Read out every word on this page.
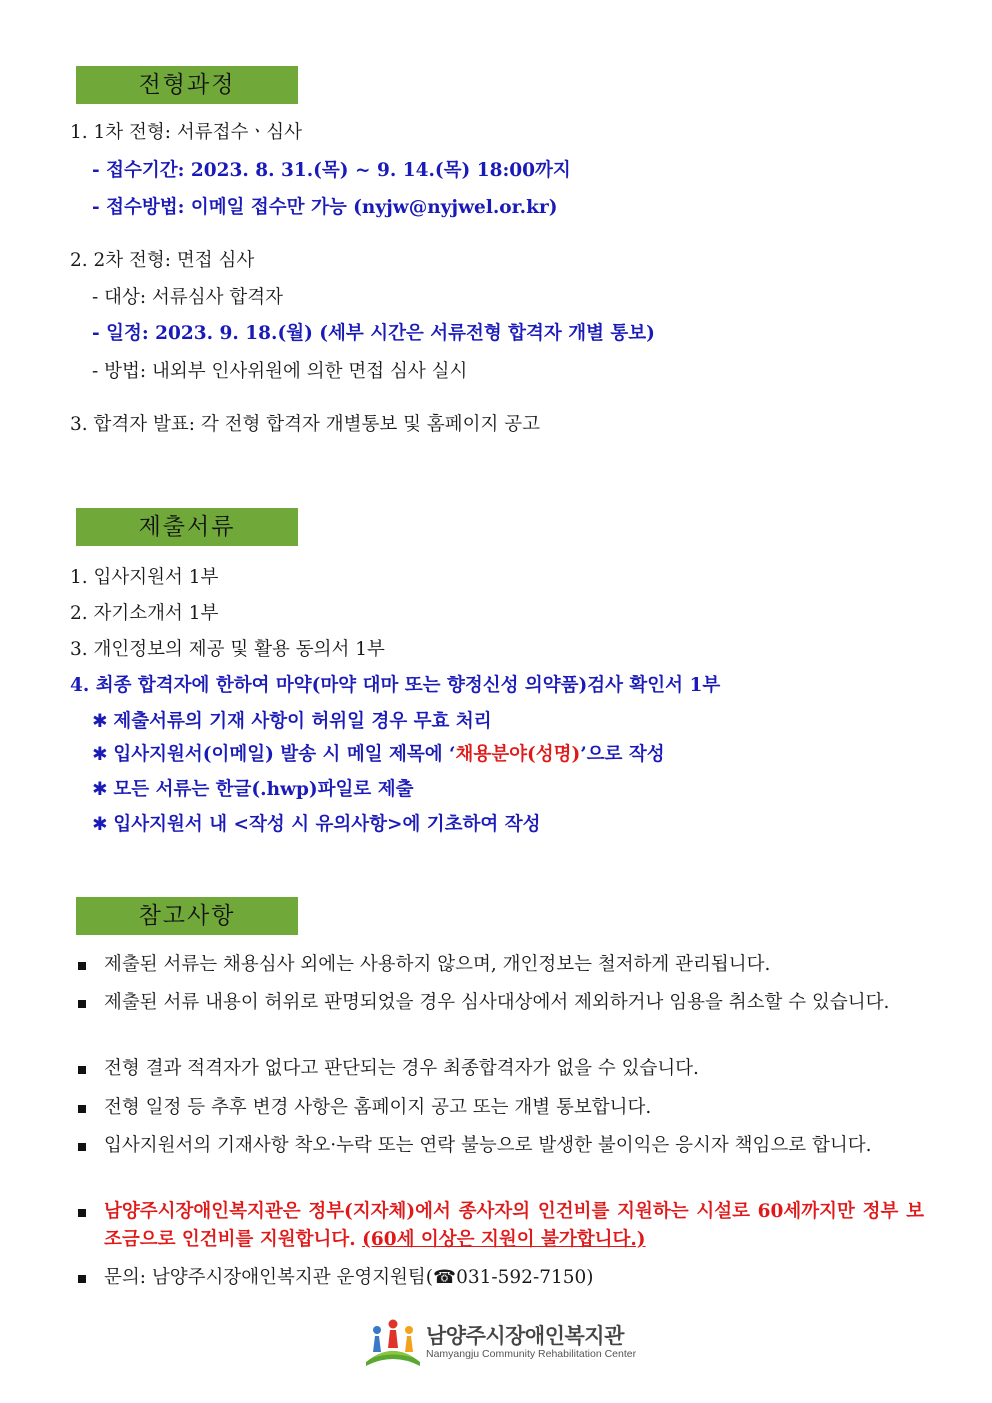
전형과정
1. 1차 전형: 서류접수ㆍ심사
- 접수기간: 2023. 8. 31.(목) ~ 9. 14.(목) 18:00까지
- 접수방법: 이메일 접수만 가능 (nyjw@nyjwel.or.kr)
2. 2차 전형: 면접 심사
- 대상: 서류심사 합격자
- 일정: 2023. 9. 18.(월) (세부 시간은 서류전형 합격자 개별 통보)
- 방법: 내외부 인사위원에 의한 면접 심사 실시
3. 합격자 발표: 각 전형 합격자 개별통보 및 홈페이지 공고
제출서류
1. 입사지원서 1부
2. 자기소개서 1부
3. 개인정보의 제공 및 활용 동의서 1부
4. 최종 합격자에 한하여 마약(마약 대마 또는 향정신성 의약품)검사 확인서 1부
✱ 제출서류의 기재 사항이 허위일 경우 무효 처리
✱ 입사지원서(이메일) 발송 시 메일 제목에 ‘채용분야(성명)’으로 작성
✱ 모든 서류는 한글(.hwp)파일로 제출
✱ 입사지원서 내 <작성 시 유의사항>에 기초하여 작성
참고사항
제출된 서류는 채용심사 외에는 사용하지 않으며, 개인정보는 철저하게 관리됩니다.
제출된 서류 내용이 허위로 판명되었을 경우 심사대상에서 제외하거나 임용을 취소할 수 있습니다.
전형 결과 적격자가 없다고 판단되는 경우 최종합격자가 없을 수 있습니다.
전형 일정 등 추후 변경 사항은 홈페이지 공고 또는 개별 통보합니다.
입사지원서의 기재사항 착오·누락 또는 연락 불능으로 발생한 불이익은 응시자 책임으로 합니다.
남양주시장애인복지관은 정부(지자체)에서 종사자의 인건비를 지원하는 시설로 60세까지만 정부 보조금으로 인건비를 지원합니다. (60세 이상은 지원이 불가합니다.)
문의: 남양주시장애인복지관 운영지원팀(☎031-592-7150)
남양주시장애인복지관
Namyangju Community Rehabilitation Center
